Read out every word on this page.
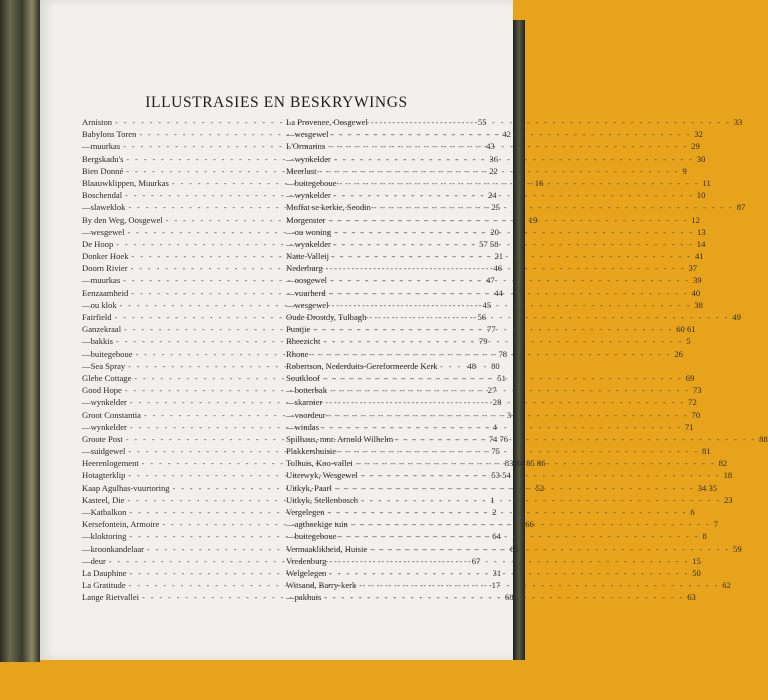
ILLUSTRASIES EN BESKRYWINGS
Arniston - - -	55
Babylons Toren - - -	42
—muurkas - - -	43
Bergskadu's - - -	36
Bien Donné - - -	22
Blaauwklippen, Muurkas - - -	16
Boschendal - - -	24
—slaweklok - - -	25
By den Weg, Oosgewel - - -	19
—wesgewel - - -	20
De Hoop - - -	57 58
Donker Hoek - - -	21
Doorn Rivier - - -	46
—muurkas - - -	47
Eenzaamheid - - -	44
—ou klok - - -	45
Fairfield - - -	56
Ganzekraal - - -	77
—bakkis - - -	79
—buitegeboue - - -	78
—Sea Spray - - -	80
Glebe Cottage - - -	51
Good Hope - - -	27
—wynkelder - - -	28
Groot Constantia - - -	3
—wynkelder - - -	4
Groote Post - - -	74 76
—suidgewel - - -	75
Heerenlogement - - -	83 84 85 86
Hotagterklip - - -	53 54
Kaap Agulhas-vuurtoring - - -	52
Kasteel, Die - - -	1
—Katbalkon - - -	2
Kersefontein, Armoire - - -	66
—kloktoring - - -	64
—kroonkandelaar - - -	65
—deur - - -	67
La Dauphine - - -	31
La Gratitude - - -	17
Lange Rietvallei - - -	68
La Provence, Oosgewel - - -	33
—wesgewel - - -	32
L'Ormarins - - -	29
—wynkelder - - -	30
Meerlust - - -	9
—buitegeboue - - -	11
—wynkelder - - -	10
Moffat se kerkie, Seodin - - -	87
Morgenster - - -	12
—ou woning - - -	13
—wynkelder - - -	14
Natte Valleij - - -	41
Nederburg - - -	37
—oosgewel - - -	39
—vuurherd - - -	40
—wesgewel - - -	38
Oude Drostdy, Tulbagh - - -	49
Puntjie - - -	60 61
Rheezicht - - -	5
Rhone - - -	26
Robertson, Nederduits-Gereformeerde Kerk	48
Soutkloof - - -	69
—botterbak - - -	73
—skarnier - - -	72
—voordeur - - -	70
—windas - - -	71
Spilhaus, mnr. Arnold Wilhelm - - -	88
Plakkershuisie - - -	81
Tolhuis, Koo-vallei - - -	82
Uiterwyk, Wesgewel - - -	18
Uitkyk, Paarl - - -	34 35
Uitkyk, Stellenbosch - - -	23
Vergelegen - - -	6
—agthoekige tuin - - -	7
—buitegeboue - - -	8
Vermaaklikheid, Huisie - - -	59
Vredenburg - - -	15
Welgelegen - - -	50
Witsand, Barry-kerk - - -	62
—pakhuis - - -	63
